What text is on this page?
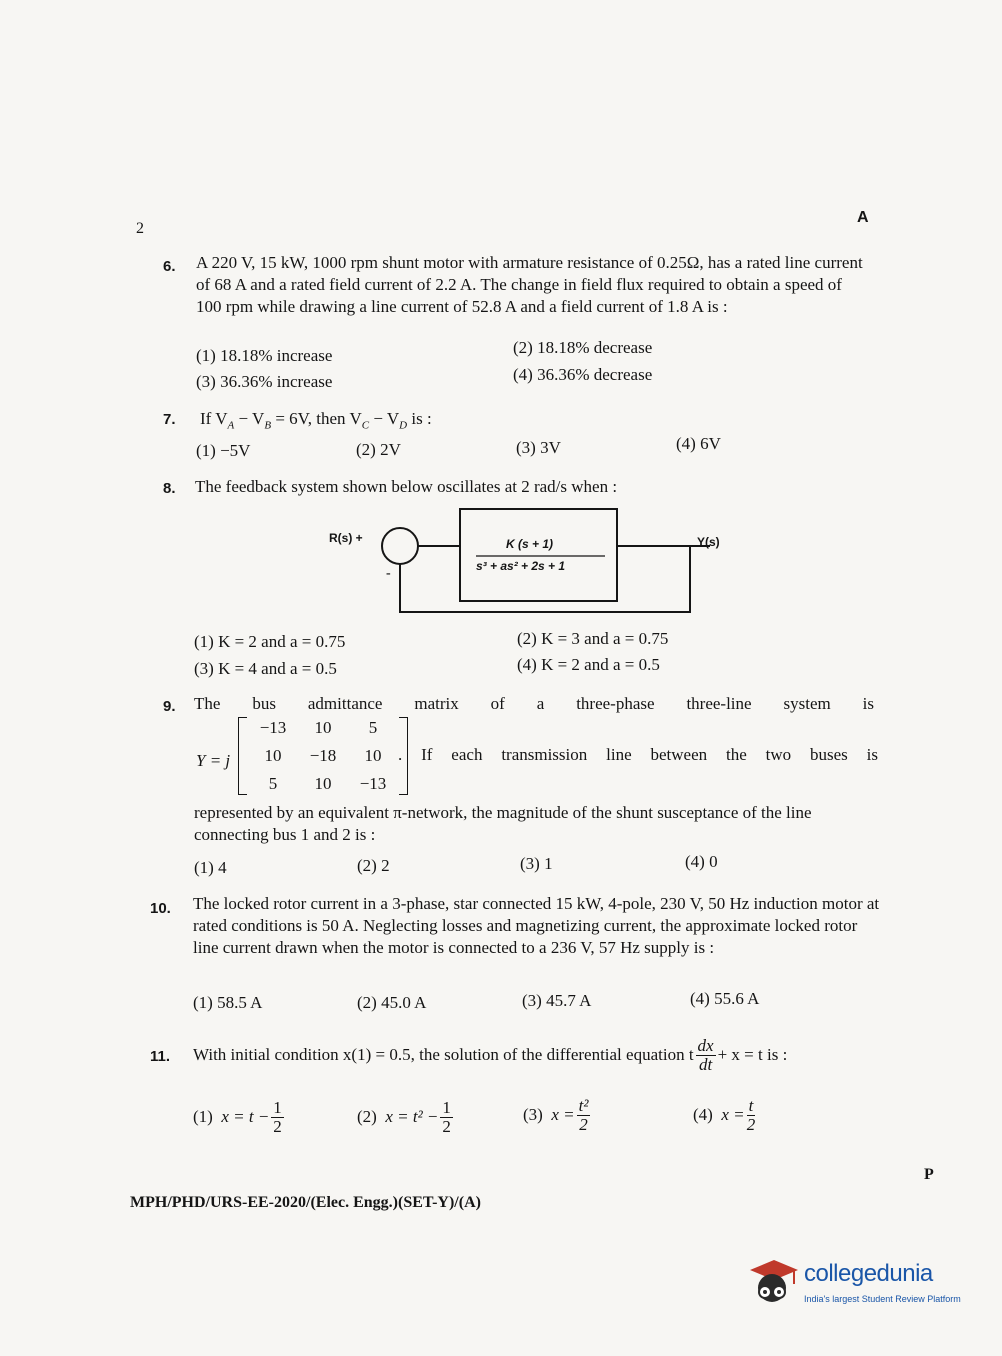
2
A
6. A 220 V, 15 kW, 1000 rpm shunt motor with armature resistance of 0.25Ω, has a rated line current of 68 A and a rated field current of 2.2 A. The change in field flux required to obtain a speed of 100 rpm while drawing a line current of 52.8 A and a field current of 1.8 A is :
(1) 18.18% increase	(2) 18.18% decrease
(3) 36.36% increase	(4) 36.36% decrease
7. If $V_A - V_B = 6V$, then $V_C - V_D$ is :
(1) −5V	(2) 2V	(3) 3V	(4) 6V
8. The feedback system shown below oscillates at 2 rad/s when :
R(s) +	Y(s)
K (s + 1)
s³ + as² + 2s + 1
-
(1) K = 2 and a = 0.75	(2) K = 3 and a = 0.75
(3) K = 4 and a = 0.5	(4) K = 2 and a = 0.5
9. The bus admittance matrix of a three-phase three-line system is
Y = j
−13 10 5
10 −18 10
5 10 −13
. If each transmission line between the two buses is
represented by an equivalent π-network, the magnitude of the shunt susceptance of the line connecting bus 1 and 2 is :
(1) 4	(2) 2	(3) 1	(4) 0
10. The locked rotor current in a 3-phase, star connected 15 kW, 4-pole, 230 V, 50 Hz induction motor at rated conditions is 50 A. Neglecting losses and magnetizing current, the approximate locked rotor line current drawn when the motor is connected to a 236 V, 57 Hz supply is :
(1) 58.5 A	(2) 45.0 A	(3) 45.7 A	(4) 55.6 A
11. With initial condition x(1) = 0.5, the solution of the differential equation t $\frac{dx}{dt} + x = t$ is :
(1)
$x = t - \frac{1}{2}$	(2)
$x = t^2 - \frac{1}{2}$	(3)
$x = \frac{\text{t²}}{2}$	(4)
$x = \frac{t}{2}$
MPH/PHD/URS-EE-2020/(Elec. Engg.)(SET-Y)/(A)
P
collegedunia
India's largest Student Review Platform
